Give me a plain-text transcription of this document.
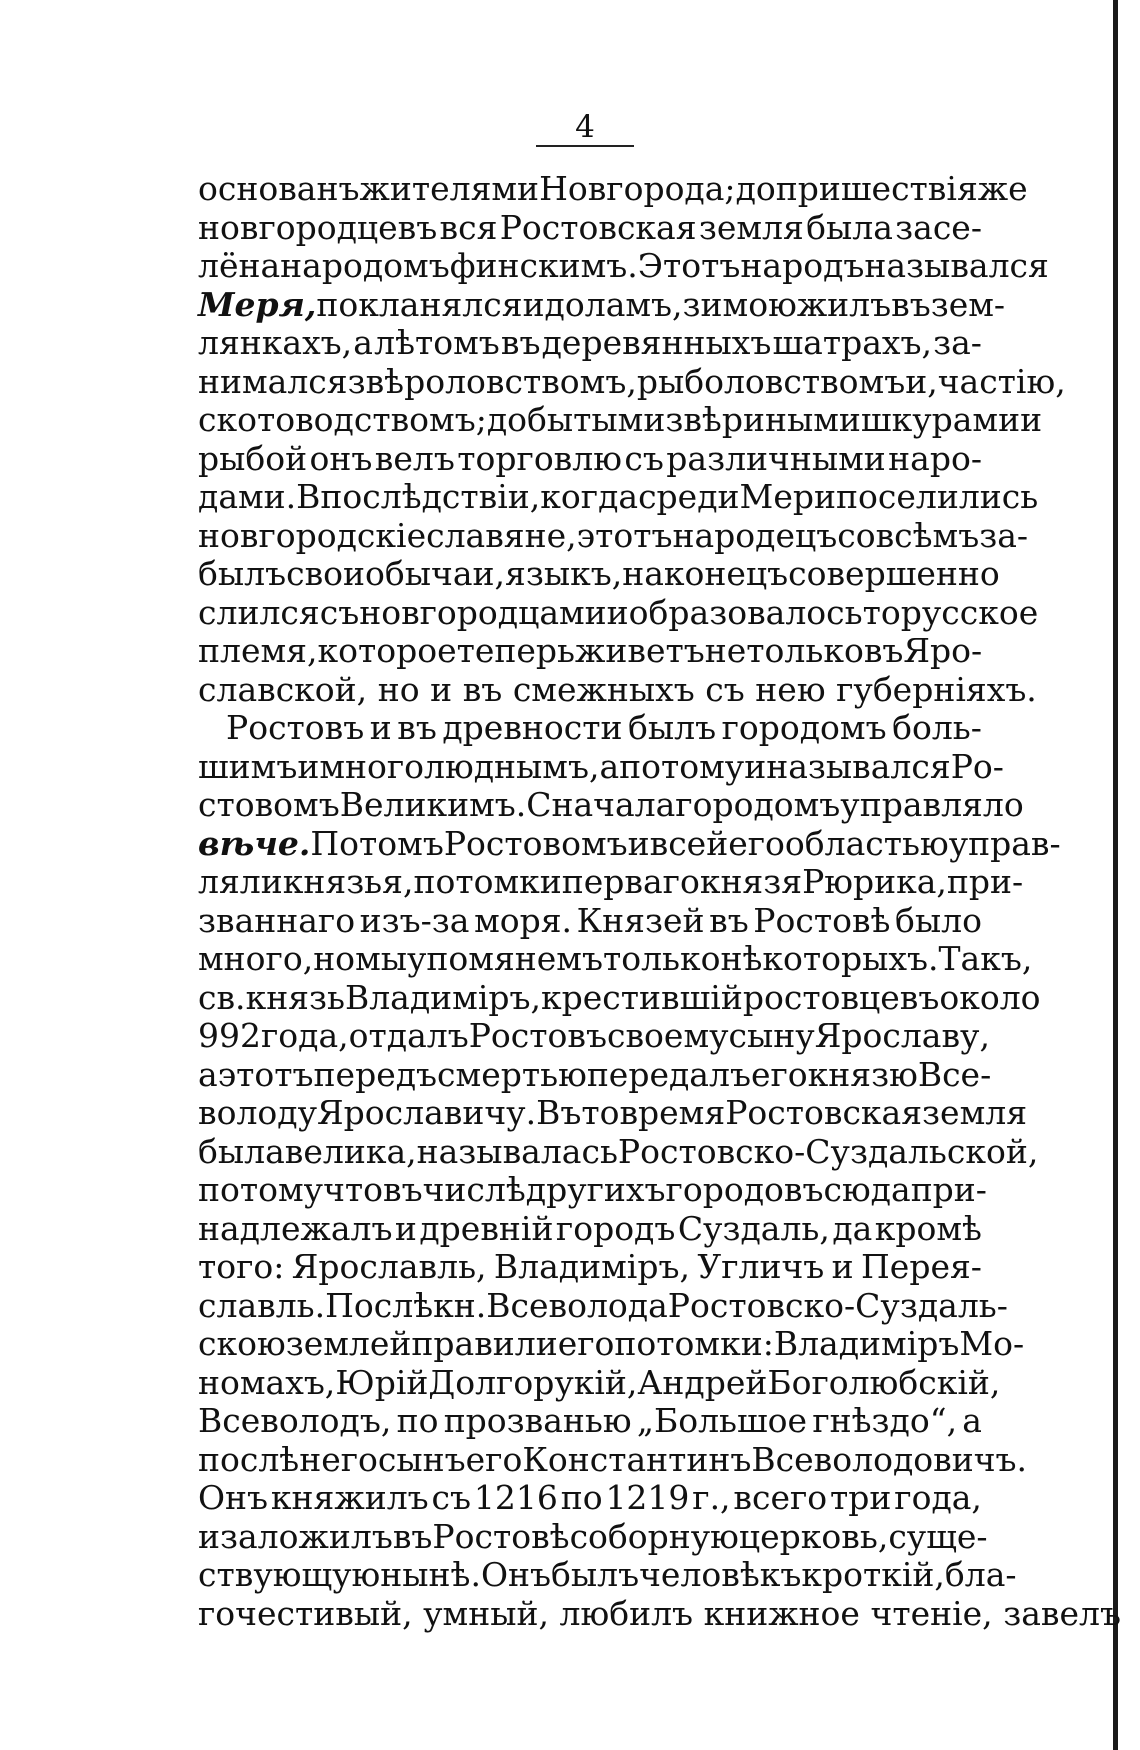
4
основанъ жителями Новгорода; до пришествія же
новгородцевъ вся Ростовская земля была засе-
лёна народомъ финскимъ. Этотъ народъ назывался
Меря, покланялся идоламъ, зимою жилъ въ зем-
лянкахъ, а лѣтомъ въ деревянныхъ шатрахъ, за-
нимался звѣроловствомъ, рыболовствомъ и, частію,
скотоводствомъ; добытыми звѣриными шкурами и
рыбой онъ велъ торговлю съ различными наро-
дами. Впослѣдствіи, когда среди Мери поселились
новгородскіе славяне, этотъ народецъ совсѣмъ за-
былъ свои обычаи, языкъ, наконецъ совершенно
слился съ новгородцами и образовалось то русское
племя, которое теперь живетъ не только въ Яро-
славской, но и въ смежныхъ съ нею губерніяхъ.
Ростовъ и въ древности былъ городомъ боль-
шимъ и многолюднымъ, а потому и назывался Ро-
стовомъ Великимъ. Сначала городомъ управляло
вѣче. Потомъ Ростовомъ и всей его областью управ-
ляли князья, потомки перваго князя Рюрика, при-
званнаго изъ-за моря. Князей въ Ростовѣ было
много, но мы упомянемъ только нѣкоторыхъ. Такъ,
св. князь Владиміръ, крестившій ростовцевъ около
992 года, отдалъ Ростовъ своему сыну Ярославу,
а этотъ передъ смертью передалъ его князю Все-
володу Ярославичу. Въ то время Ростовская земля
была велика, называлась Ростовско-Суздальской,
потому что въ числѣ другихъ городовъ сюда при-
надлежалъ и древній городъ Суздаль, да кромѣ
того: Ярославль, Владиміръ, Угличъ и Перея-
славль. Послѣ кн. Всеволода Ростовско-Суздаль-
скою землей правили его потомки: Владиміръ Мо-
номахъ, Юрій Долгорукій, Андрей Боголюбскій,
Всеволодъ, по прозванью „Большое гнѣздо“, а
послѣ него сынъ его Константинъ Всеволодовичъ.
Онъ княжилъ съ 1216 по 1219 г., всего три года,
и заложилъ въ Ростовѣ соборную церковь, суще-
ствующую нынѣ. Онъ былъ человѣкъ кроткій, бла-
гочестивый, умный, любилъ книжное чтеніе, завелъ
